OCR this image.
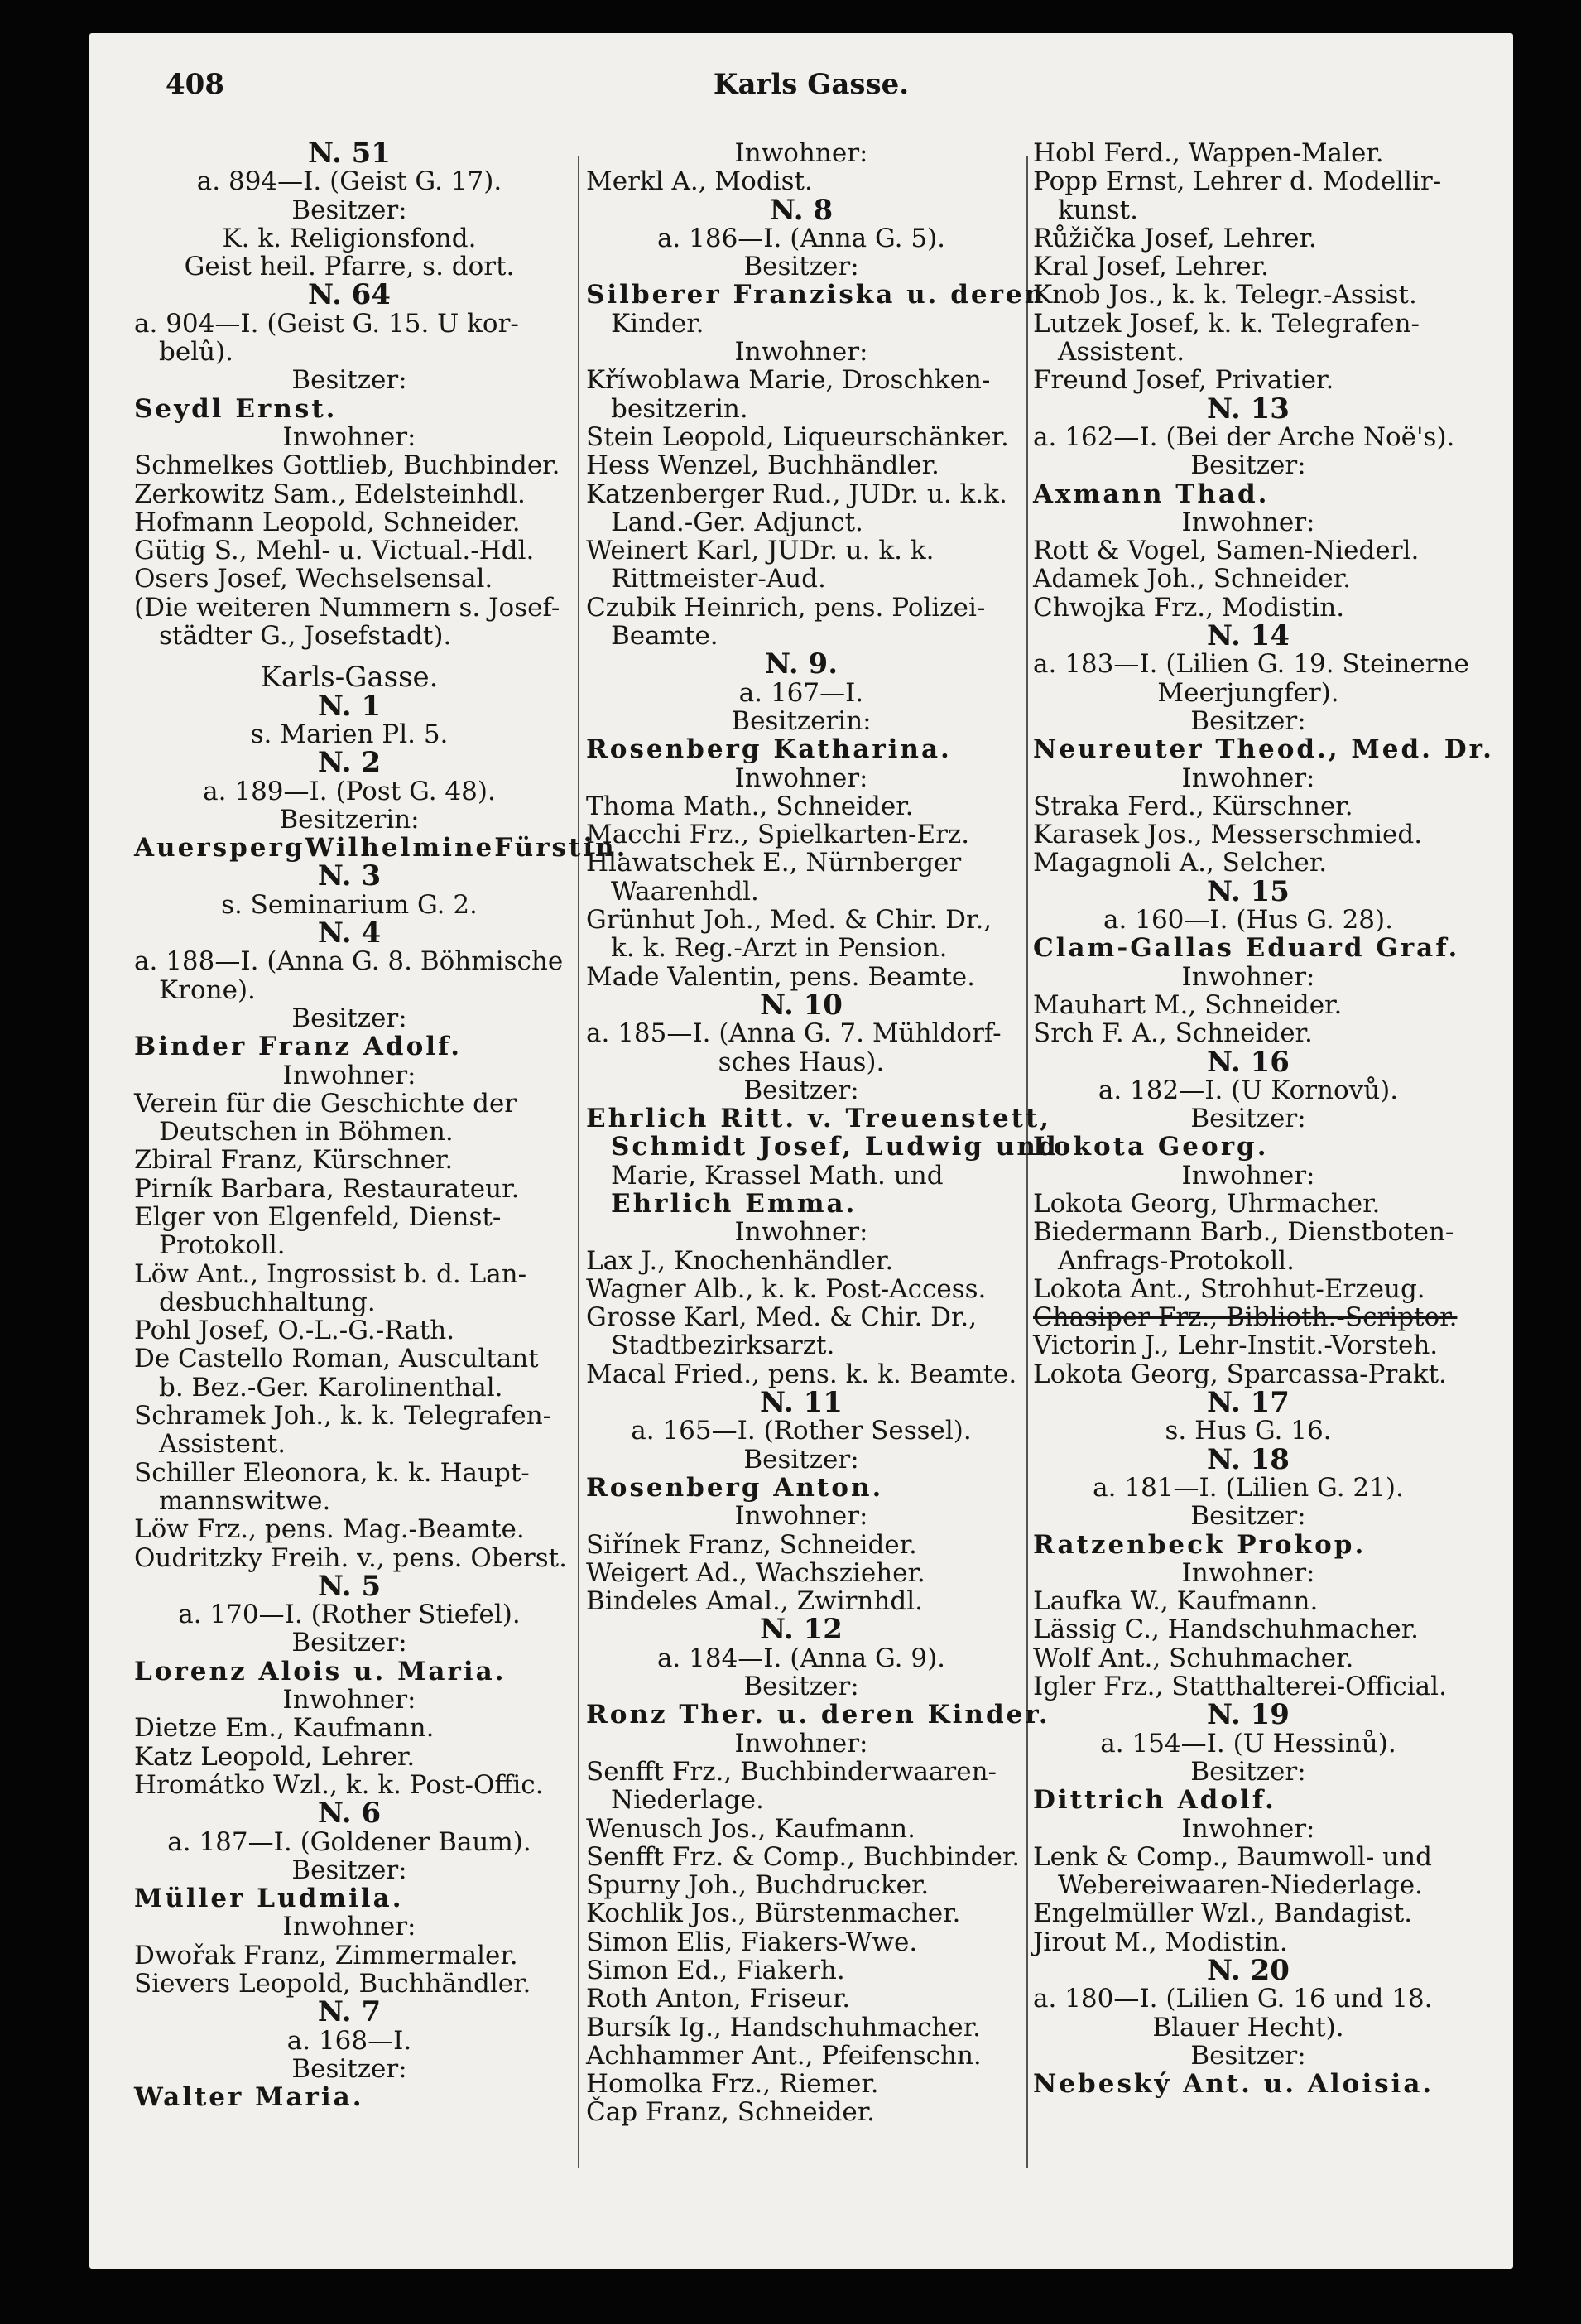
408	Karls Gasse.
N. 51
a. 894—I. (Geist G. 17).
Besitzer:
K. k. Religionsfond.
Geist heil. Pfarre, s. dort.
N. 64
a. 904—I. (Geist G. 15. U kor-
belû).
Besitzer:
Seydl Ernst.
Inwohner:
Schmelkes Gottlieb, Buchbinder.
Zerkowitz Sam., Edelsteinhdl.
Hofmann Leopold, Schneider.
Gütig S., Mehl- u. Victual.-Hdl.
Osers Josef, Wechselsensal.
(Die weiteren Nummern s. Josef-
städter G., Josefstadt).
Karls-Gasse.
N. 1
s. Marien Pl. 5.
N. 2
a. 189—I. (Post G. 48).
Besitzerin:
AuerspergWilhelmineFürstin.
N. 3
s. Seminarium G. 2.
N. 4
a. 188—I. (Anna G. 8. Böhmische
Krone).
Besitzer:
Binder Franz Adolf.
Inwohner:
Verein für die Geschichte der
Deutschen in Böhmen.
Zbiral Franz, Kürschner.
Pirník Barbara, Restaurateur.
Elger von Elgenfeld, Dienst-
Protokoll.
Löw Ant., Ingrossist b. d. Lan-
desbuchhaltung.
Pohl Josef, O.-L.-G.-Rath.
De Castello Roman, Auscultant
b. Bez.-Ger. Karolinenthal.
Schramek Joh., k. k. Telegrafen-
Assistent.
Schiller Eleonora, k. k. Haupt-
mannswitwe.
Löw Frz., pens. Mag.-Beamte.
Oudritzky Freih. v., pens. Oberst.
N. 5
a. 170—I. (Rother Stiefel).
Besitzer:
Lorenz Alois u. Maria.
Inwohner:
Dietze Em., Kaufmann.
Katz Leopold, Lehrer.
Hromátko Wzl., k. k. Post-Offic.
N. 6
a. 187—I. (Goldener Baum).
Besitzer:
Müller Ludmila.
Inwohner:
Dwořak Franz, Zimmermaler.
Sievers Leopold, Buchhändler.
N. 7
a. 168—I.
Besitzer:
Walter Maria.
Inwohner:
Merkl A., Modist.
N. 8
a. 186—I. (Anna G. 5).
Besitzer:
Silberer Franziska u. deren
Kinder.
Inwohner:
Kříwoblawa Marie, Droschken-
besitzerin.
Stein Leopold, Liqueurschänker.
Hess Wenzel, Buchhändler.
Katzenberger Rud., JUDr. u. k.k.
Land.-Ger. Adjunct.
Weinert Karl, JUDr. u. k. k.
Rittmeister-Aud.
Czubik Heinrich, pens. Polizei-
Beamte.
N. 9.
a. 167—I.
Besitzerin:
Rosenberg Katharina.
Inwohner:
Thoma Math., Schneider.
Macchi Frz., Spielkarten-Erz.
Hlawatschek E., Nürnberger
Waarenhdl.
Grünhut Joh., Med. & Chir. Dr.,
k. k. Reg.-Arzt in Pension.
Made Valentin, pens. Beamte.
N. 10
a. 185—I. (Anna G. 7. Mühldorf-
sches Haus).
Besitzer:
Ehrlich Ritt. v. Treuenstett,
Schmidt Josef, Ludwig und
Marie, Krassel Math. und
Ehrlich Emma.
Inwohner:
Lax J., Knochenhändler.
Wagner Alb., k. k. Post-Access.
Grosse Karl, Med. & Chir. Dr.,
Stadtbezirksarzt.
Macal Fried., pens. k. k. Beamte.
N. 11
a. 165—I. (Rother Sessel).
Besitzer:
Rosenberg Anton.
Inwohner:
Siřínek Franz, Schneider.
Weigert Ad., Wachszieher.
Bindeles Amal., Zwirnhdl.
N. 12
a. 184—I. (Anna G. 9).
Besitzer:
Ronz Ther. u. deren Kinder.
Inwohner:
Senfft Frz., Buchbinderwaaren-
Niederlage.
Wenusch Jos., Kaufmann.
Senfft Frz. & Comp., Buchbinder.
Spurny Joh., Buchdrucker.
Kochlik Jos., Bürstenmacher.
Simon Elis, Fiakers-Wwe.
Simon Ed., Fiakerh.
Roth Anton, Friseur.
Bursík Ig., Handschuhmacher.
Achhammer Ant., Pfeifenschn.
Homolka Frz., Riemer.
Čap Franz, Schneider.
Hobl Ferd., Wappen-Maler.
Popp Ernst, Lehrer d. Modellir-
kunst.
Růžička Josef, Lehrer.
Kral Josef, Lehrer.
Knob Jos., k. k. Telegr.-Assist.
Lutzek Josef, k. k. Telegrafen-
Assistent.
Freund Josef, Privatier.
N. 13
a. 162—I. (Bei der Arche Noë's).
Besitzer:
Axmann Thad.
Inwohner:
Rott & Vogel, Samen-Niederl.
Adamek Joh., Schneider.
Chwojka Frz., Modistin.
N. 14
a. 183—I. (Lilien G. 19. Steinerne
Meerjungfer).
Besitzer:
Neureuter Theod., Med. Dr.
Inwohner:
Straka Ferd., Kürschner.
Karasek Jos., Messerschmied.
Magagnoli A., Selcher.
N. 15
a. 160—I. (Hus G. 28).
Clam-Gallas Eduard Graf.
Inwohner:
Mauhart M., Schneider.
Srch F. A., Schneider.
N. 16
a. 182—I. (U Kornovů).
Besitzer:
Lokota Georg.
Inwohner:
Lokota Georg, Uhrmacher.
Biedermann Barb., Dienstboten-
Anfrags-Protokoll.
Lokota Ant., Strohhut-Erzeug.
Chasiper Frz., Biblioth.-Scriptor.
Victorin J., Lehr-Instit.-Vorsteh.
Lokota Georg, Sparcassa-Prakt.
N. 17
s. Hus G. 16.
N. 18
a. 181—I. (Lilien G. 21).
Besitzer:
Ratzenbeck Prokop.
Inwohner:
Laufka W., Kaufmann.
Lässig C., Handschuhmacher.
Wolf Ant., Schuhmacher.
Igler Frz., Statthalterei-Official.
N. 19
a. 154—I. (U Hessinů).
Besitzer:
Dittrich Adolf.
Inwohner:
Lenk & Comp., Baumwoll- und
Webereiwaaren-Niederlage.
Engelmüller Wzl., Bandagist.
Jirout M., Modistin.
N. 20
a. 180—I. (Lilien G. 16 und 18.
Blauer Hecht).
Besitzer:
Nebeský Ant. u. Aloisia.
